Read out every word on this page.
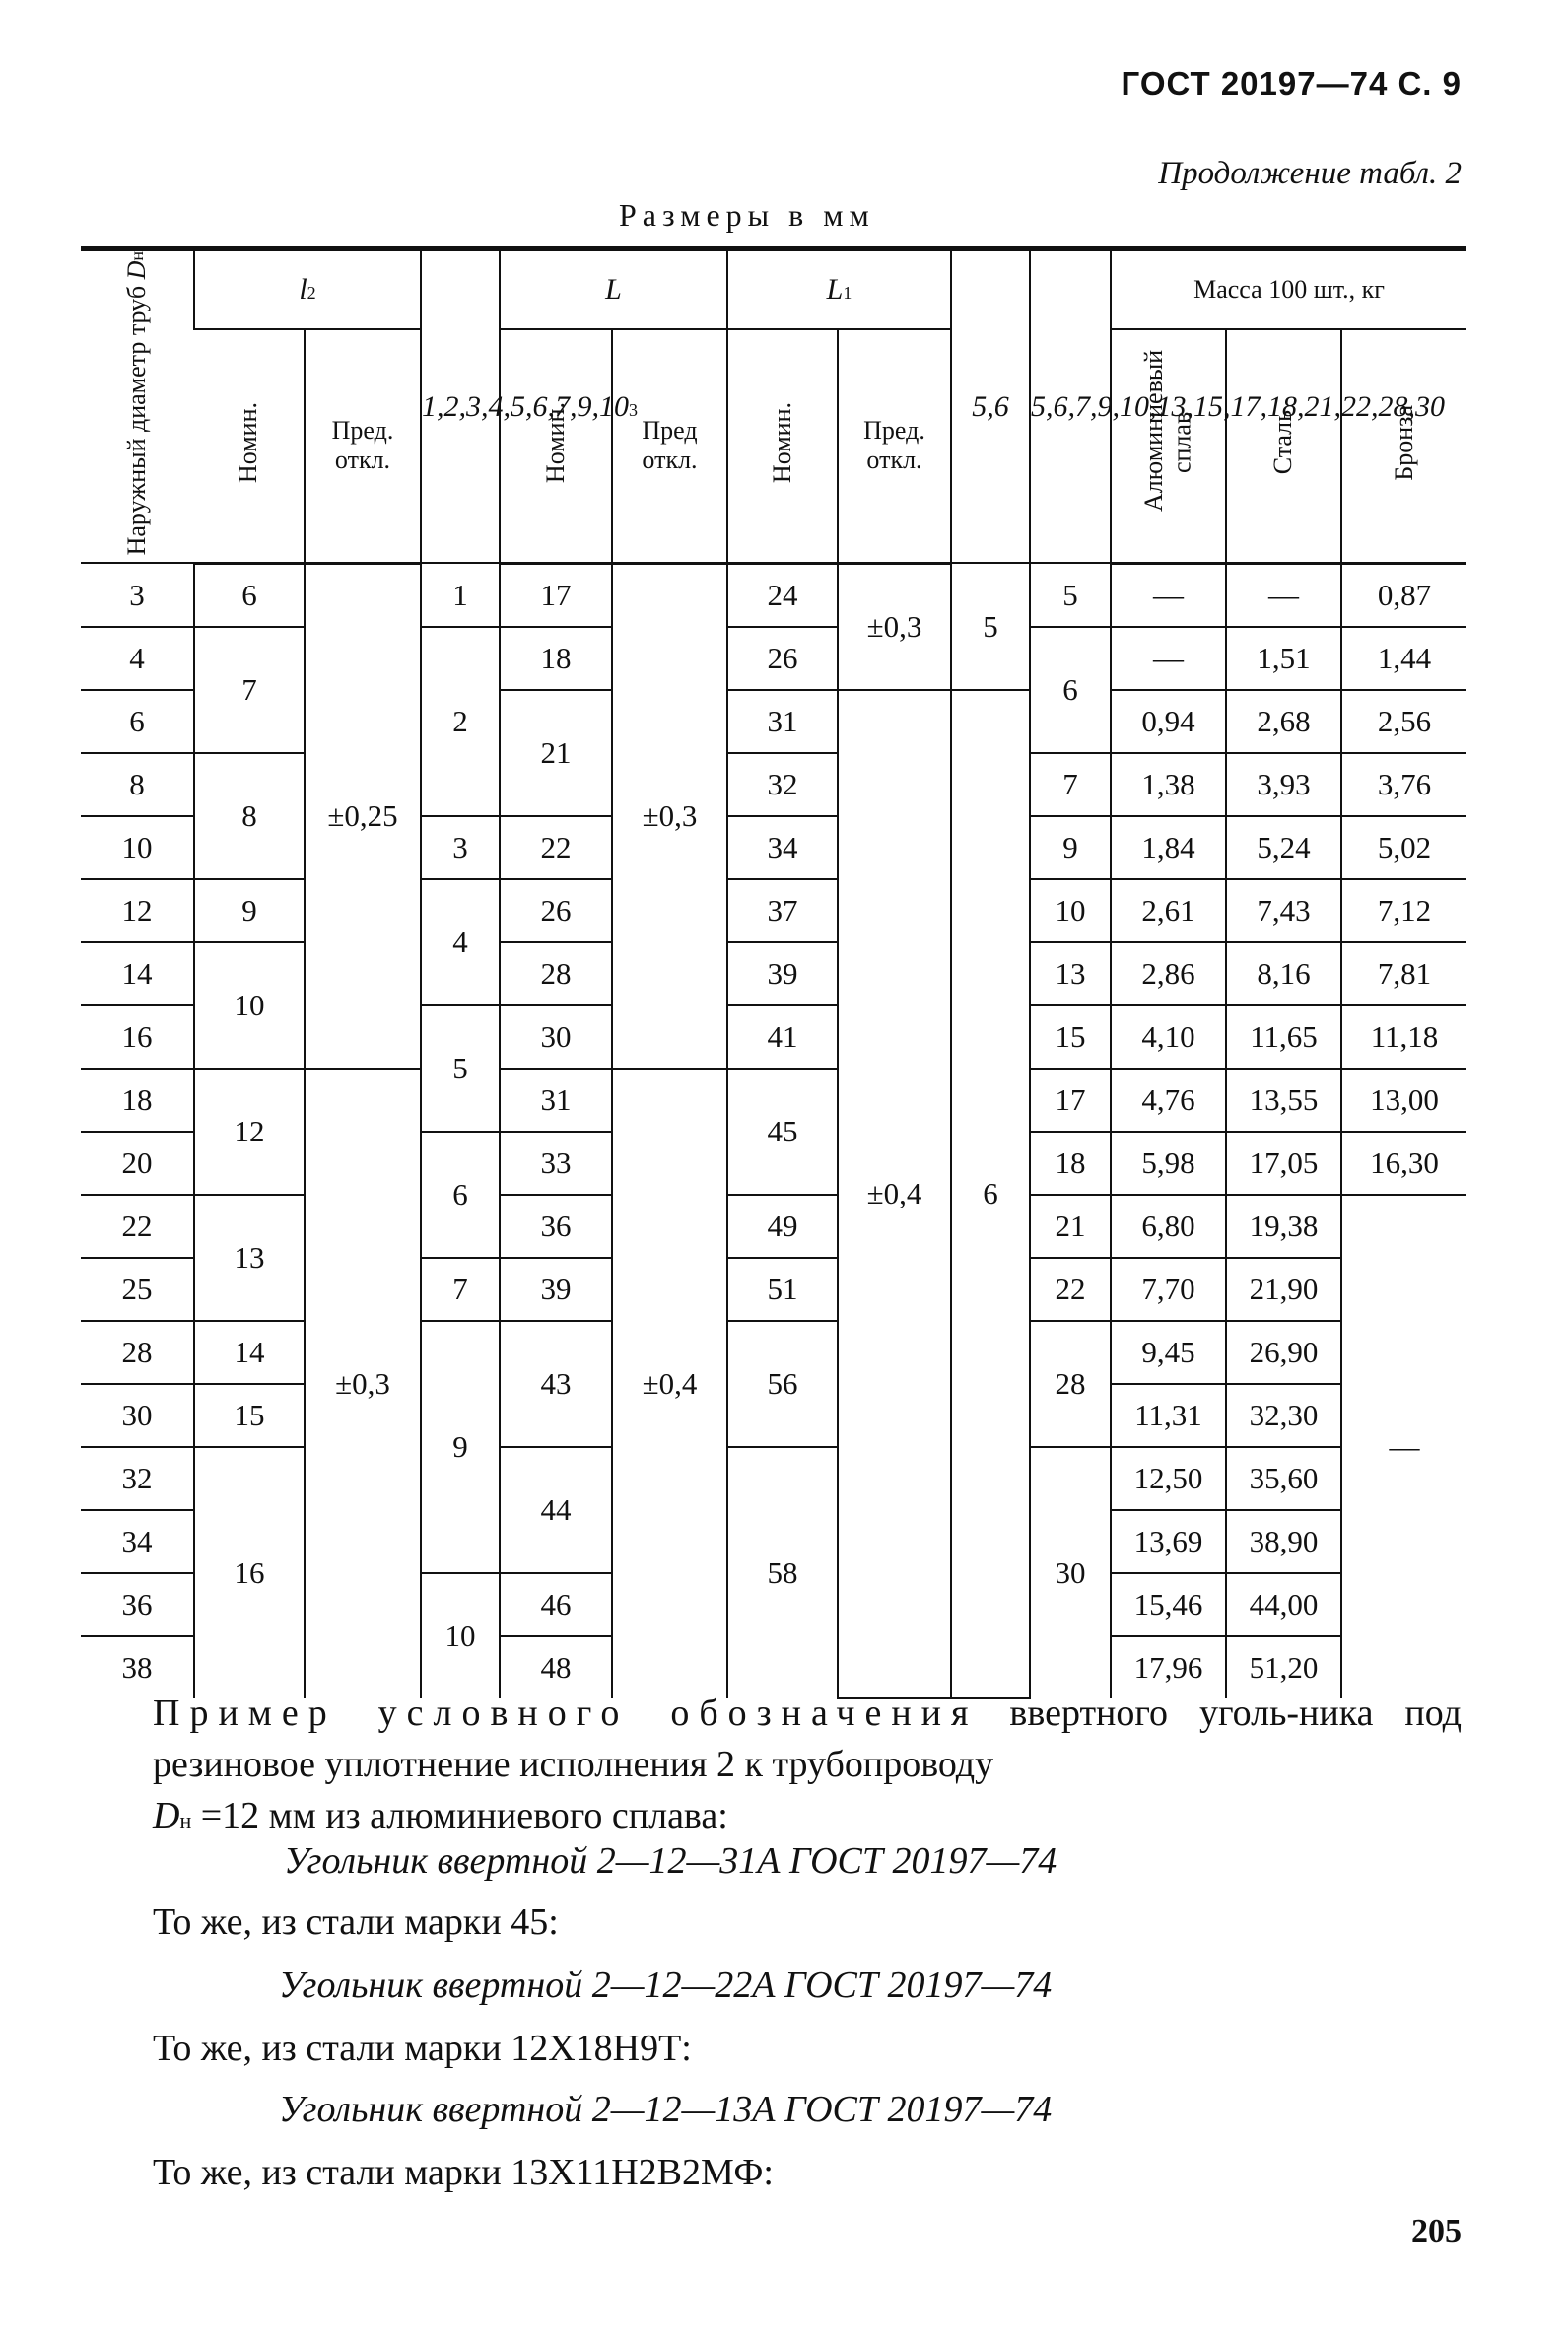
ГОСТ 20197—74 С. 9
Продолжение табл. 2
Размеры в мм
Наружный диаметр труб Dн	l2		1,2,3,4,5,6,7,9,103	L		L1		5,6	5,6,7,9,10,13,15,17,18,21,22,28,30	Масса 100 шт., кг		
	Номин.	Пред. откл.		Номин.	Пред откл.	Номин.	Пред. откл.			Алюминиевый сплав	Сталь	Бронза
3	6	±0,25	1	17	±0,3	24	±0,3	5	5	—	—	0,87
4	7		2	18		26			6	—	1,51	1,44
6				21		31	±0,4	6		0,94	2,68	2,56
8	8					32			7	1,38	3,93	3,76
10			3	22		34			9	1,84	5,24	5,02
12	9		4	26		37			10	2,61	7,43	7,12
14	10			28		39			13	2,86	8,16	7,81
16			5	30		41			15	4,10	11,65	11,18
18	12	±0,3		31	±0,4	45			17	4,76	13,55	13,00
20			6	33					18	5,98	17,05	16,30
22	13			36		49			21	6,80	19,38	—
25			7	39		51			22	7,70	21,90	
28	14		9	43		56			28	9,45	26,90	
30	15									11,31	32,30	
32	16			44		58			30	12,50	35,60	
34										13,69	38,90	
36			10	46						15,46	44,00	
38				48						17,96	51,20	
Пример условного обозначения ввертного уголь-ника под резиновое уплотнение исполнения 2 к трубопроводу
Dн =12 мм из алюминиевого сплава:
Угольник ввертной 2—12—31А ГОСТ 20197—74
То же, из стали марки 45:
Угольник ввертной 2—12—22А ГОСТ 20197—74
То же, из стали марки 12Х18Н9Т:
Угольник ввертной 2—12—13А ГОСТ 20197—74
То же, из стали марки 13Х11Н2В2МФ:
205
